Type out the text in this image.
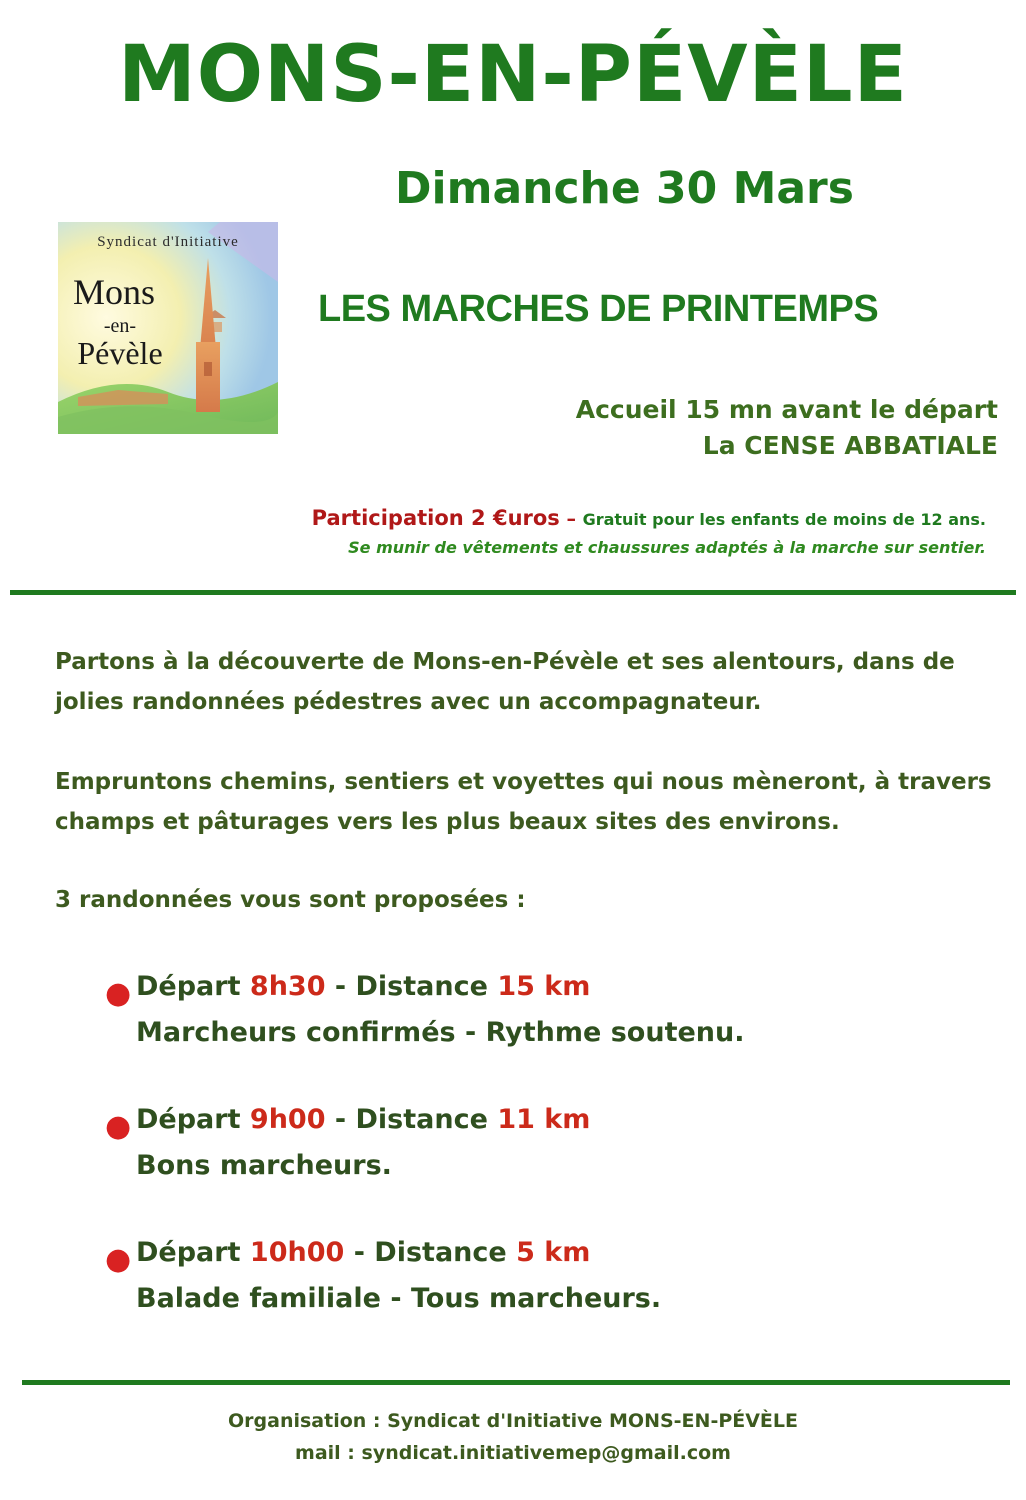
MONS-EN-PÉVÈLE
Dimanche 30 Mars
Syndicat d'Initiative
Mons
-en-
Pévèle
LES MARCHES DE PRINTEMPS
Accueil 15 mn avant le départ
La CENSE ABBATIALE
Participation 2 €uros – Gratuit pour les enfants de moins de 12 ans.
Se munir de vêtements et chaussures adaptés à la marche sur sentier.
Partons à la découverte de Mons-en-Pévèle et ses alentours, dans de jolies randonnées pédestres avec un accompagnateur.
Empruntons chemins, sentiers et voyettes qui nous mèneront, à travers champs et pâturages vers les plus beaux sites des environs.
3 randonnées vous sont proposées :
● Départ 8h30 - Distance 15 km
Marcheurs confirmés - Rythme soutenu.
● Départ 9h00 - Distance 11 km
Bons marcheurs.
● Départ 10h00 - Distance 5 km
Balade familiale - Tous marcheurs.
Organisation : Syndicat d'Initiative MONS-EN-PÉVÈLE
mail : syndicat.initiativemep@gmail.com
